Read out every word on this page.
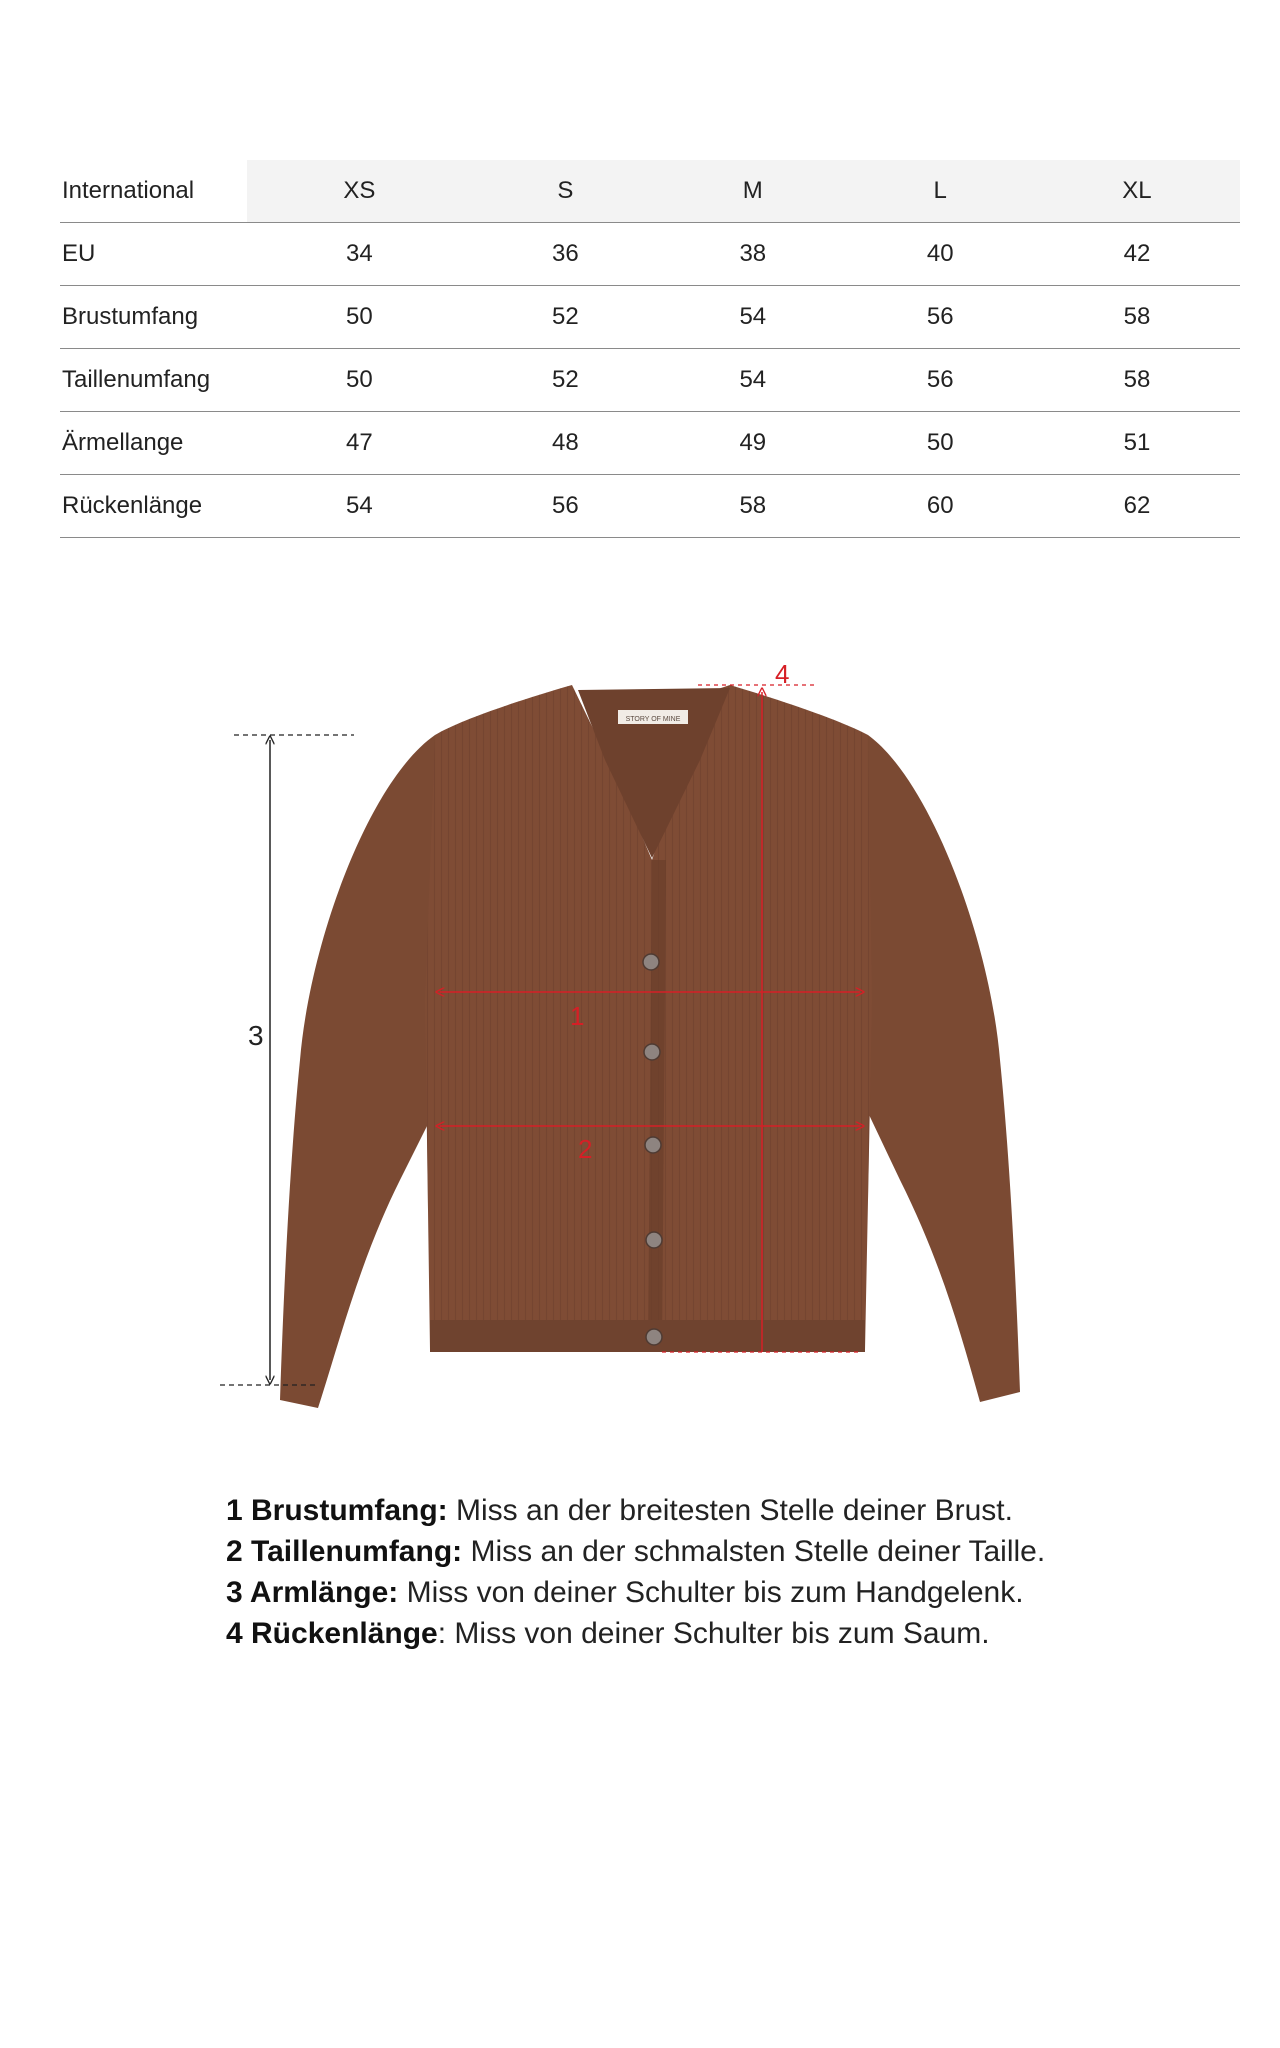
International	XS	S	M	L	XL
EU	34	36	38	40	42
Brustumfang	50	52	54	56	58
Taillenumfang	50	52	54	56	58
Ärmellange	47	48	49	50	51
Rückenlänge	54	56	58	60	62
STORY OF MINE
3
1
2
4

1 Brustumfang: Miss an der breitesten Stelle deiner Brust.

2 Taillenumfang: Miss an der schmalsten Stelle deiner Taille.

3 Armlänge: Miss von deiner Schulter bis zum Handgelenk.

4 Rückenlänge: Miss von deiner Schulter bis zum Saum.
